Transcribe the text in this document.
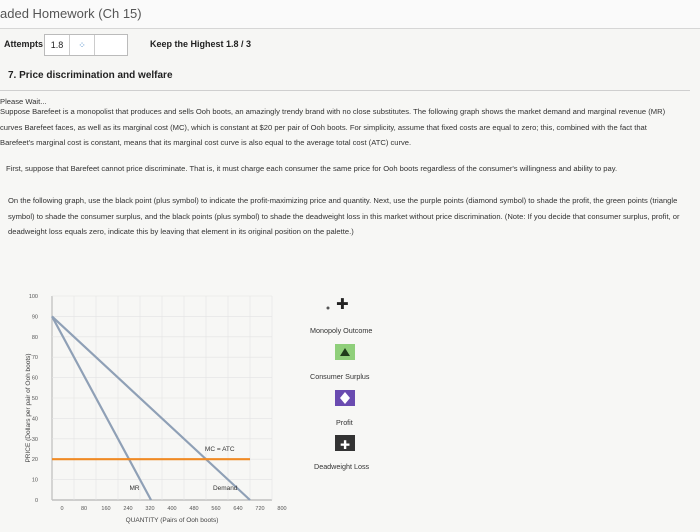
aded Homework (Ch 15)
Attempts 1.8	⁘	Keep the Highest 1.8 / 3
7. Price discrimination and welfare
Please Wait...
Suppose Barefeet is a monopolist that produces and sells Ooh boots, an amazingly trendy brand with no close substitutes. The following graph shows the market demand and marginal revenue (MR) curves Barefeet faces, as well as its marginal cost (MC), which is constant at $20 per pair of Ooh boots. For simplicity, assume that fixed costs are equal to zero; this, combined with the fact that Barefeet's marginal cost is constant, means that its marginal cost curve is also equal to the average total cost (ATC) curve.
First, suppose that Barefeet cannot price discriminate. That is, it must charge each consumer the same price for Ooh boots regardless of the consumer's willingness and ability to pay.
On the following graph, use the black point (plus symbol) to indicate the profit-maximizing price and quantity. Next, use the purple points (diamond symbol) to shade the profit, the green points (triangle symbol) to shade the consumer surplus, and the black points (plus symbol) to shade the deadweight loss in this market without price discrimination. (Note: If you decide that consumer surplus, profit, or deadweight loss equals zero, indicate this by leaving that element in its original position on the palette.)
0
10
20
30
40
50
60
70
80
90
100
0	80	160 240 320 400 480 560 640 720 800
QUANTITY (Pairs of Ooh boots)
PRICE (Dollars per pair of Ooh boots)
Demand
MR
MC = ATC
✚
Monopoly Outcome
Consumer Surplus
Profit
✚
Deadweight Loss
